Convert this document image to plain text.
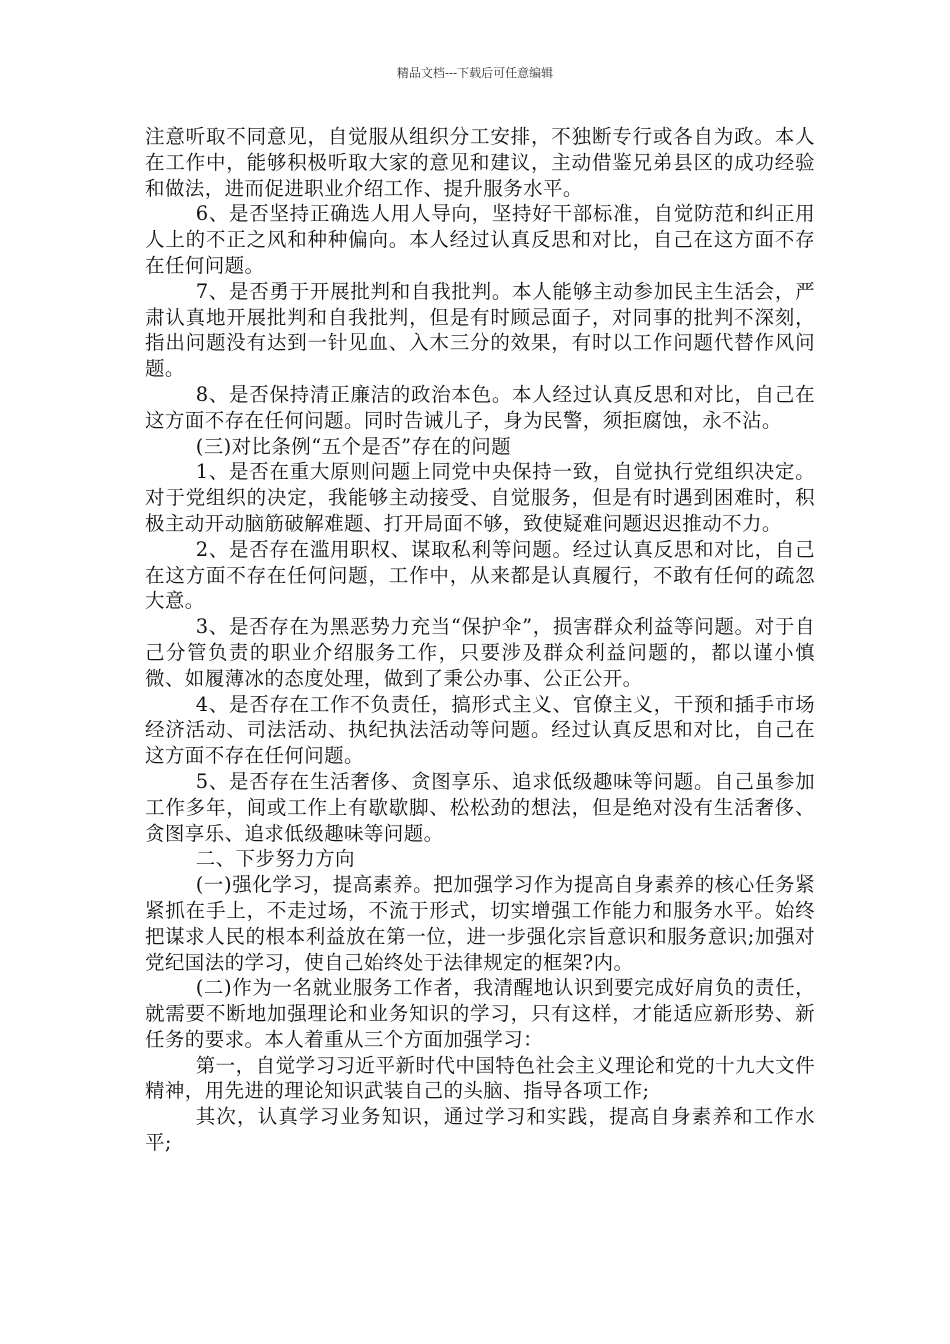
精品文档---下载后可任意编辑

注意听取不同意见，自觉服从组织分工安排，不独断专行或各自为政。本人在工作中，能够积极听取大家的意见和建议，主动借鉴兄弟县区的成功经验和做法，进而促进职业介绍工作、提升服务水平。

6、是否坚持正确选人用人导向，坚持好干部标准，自觉防范和纠正用人上的不正之风和种种偏向。本人经过认真反思和对比，自己在这方面不存在任何问题。

7、是否勇于开展批判和自我批判。本人能够主动参加民主生活会，严肃认真地开展批判和自我批判，但是有时顾忌面子，对同事的批判不深刻，指出问题没有达到一针见血、入木三分的效果，有时以工作问题代替作风问题。

8、是否保持清正廉洁的政治本色。本人经过认真反思和对比，自己在这方面不存在任何问题。同时告诫儿子，身为民警，须拒腐蚀，永不沾。

(三)对比条例“五个是否”存在的问题

1、是否在重大原则问题上同党中央保持一致，自觉执行党组织决定。对于党组织的决定，我能够主动接受、自觉服务，但是有时遇到困难时，积极主动开动脑筋破解难题、打开局面不够，致使疑难问题迟迟推动不力。

2、是否存在滥用职权、谋取私利等问题。经过认真反思和对比，自己在这方面不存在任何问题，工作中，从来都是认真履行，不敢有任何的疏忽大意。

3、是否存在为黑恶势力充当“保护伞”，损害群众利益等问题。对于自己分管负责的职业介绍服务工作，只要涉及群众利益问题的，都以谨小慎微、如履薄冰的态度处理，做到了秉公办事、公正公开。

4、是否存在工作不负责任，搞形式主义、官僚主义，干预和插手市场经济活动、司法活动、执纪执法活动等问题。经过认真反思和对比，自己在这方面不存在任何问题。

5、是否存在生活奢侈、贪图享乐、追求低级趣味等问题。自己虽参加工作多年，间或工作上有歇歇脚、松松劲的想法，但是绝对没有生活奢侈、贪图享乐、追求低级趣味等问题。

二、下步努力方向

(一)强化学习，提高素养。把加强学习作为提高自身素养的核心任务紧紧抓在手上，不走过场，不流于形式，切实增强工作能力和服务水平。始终把谋求人民的根本利益放在第一位，进一步强化宗旨意识和服务意识;加强对党纪国法的学习，使自己始终处于法律规定的框架?内。

(二)作为一名就业服务工作者，我清醒地认识到要完成好肩负的责任，就需要不断地加强理论和业务知识的学习，只有这样，才能适应新形势、新任务的要求。本人着重从三个方面加强学习：

第一，自觉学习习近平新时代中国特色社会主义理论和党的十九大文件精神，用先进的理论知识武装自己的头脑、指导各项工作;

其次，认真学习业务知识，通过学习和实践，提高自身素养和工作水平;
